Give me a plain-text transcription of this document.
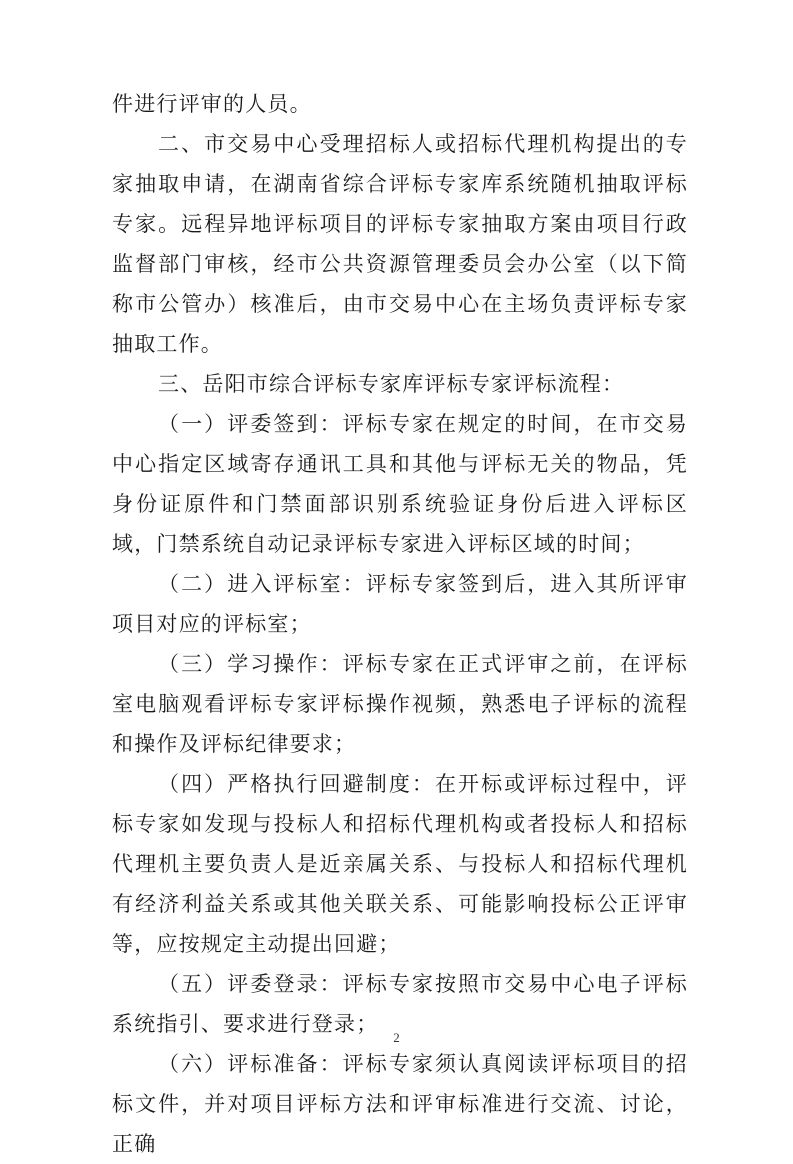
件进行评审的人员。

二、市交易中心受理招标人或招标代理机构提出的专家抽取申请，在湖南省综合评标专家库系统随机抽取评标专家。远程异地评标项目的评标专家抽取方案由项目行政监督部门审核，经市公共资源管理委员会办公室（以下简称市公管办）核准后，由市交易中心在主场负责评标专家抽取工作。

三、岳阳市综合评标专家库评标专家评标流程：

（一）评委签到：评标专家在规定的时间，在市交易中心指定区域寄存通讯工具和其他与评标无关的物品，凭身份证原件和门禁面部识别系统验证身份后进入评标区域，门禁系统自动记录评标专家进入评标区域的时间；

（二）进入评标室：评标专家签到后，进入其所评审项目对应的评标室；

（三）学习操作：评标专家在正式评审之前，在评标室电脑观看评标专家评标操作视频，熟悉电子评标的流程和操作及评标纪律要求；

（四）严格执行回避制度：在开标或评标过程中，评标专家如发现与投标人和招标代理机构或者投标人和招标代理机主要负责人是近亲属关系、与投标人和招标代理机有经济利益关系或其他关联关系、可能影响投标公正评审等，应按规定主动提出回避；

（五）评委登录：评标专家按照市交易中心电子评标系统指引、要求进行登录；

（六）评标准备：评标专家须认真阅读评标项目的招标文件，并对项目评标方法和评审标准进行交流、讨论，正确

2
